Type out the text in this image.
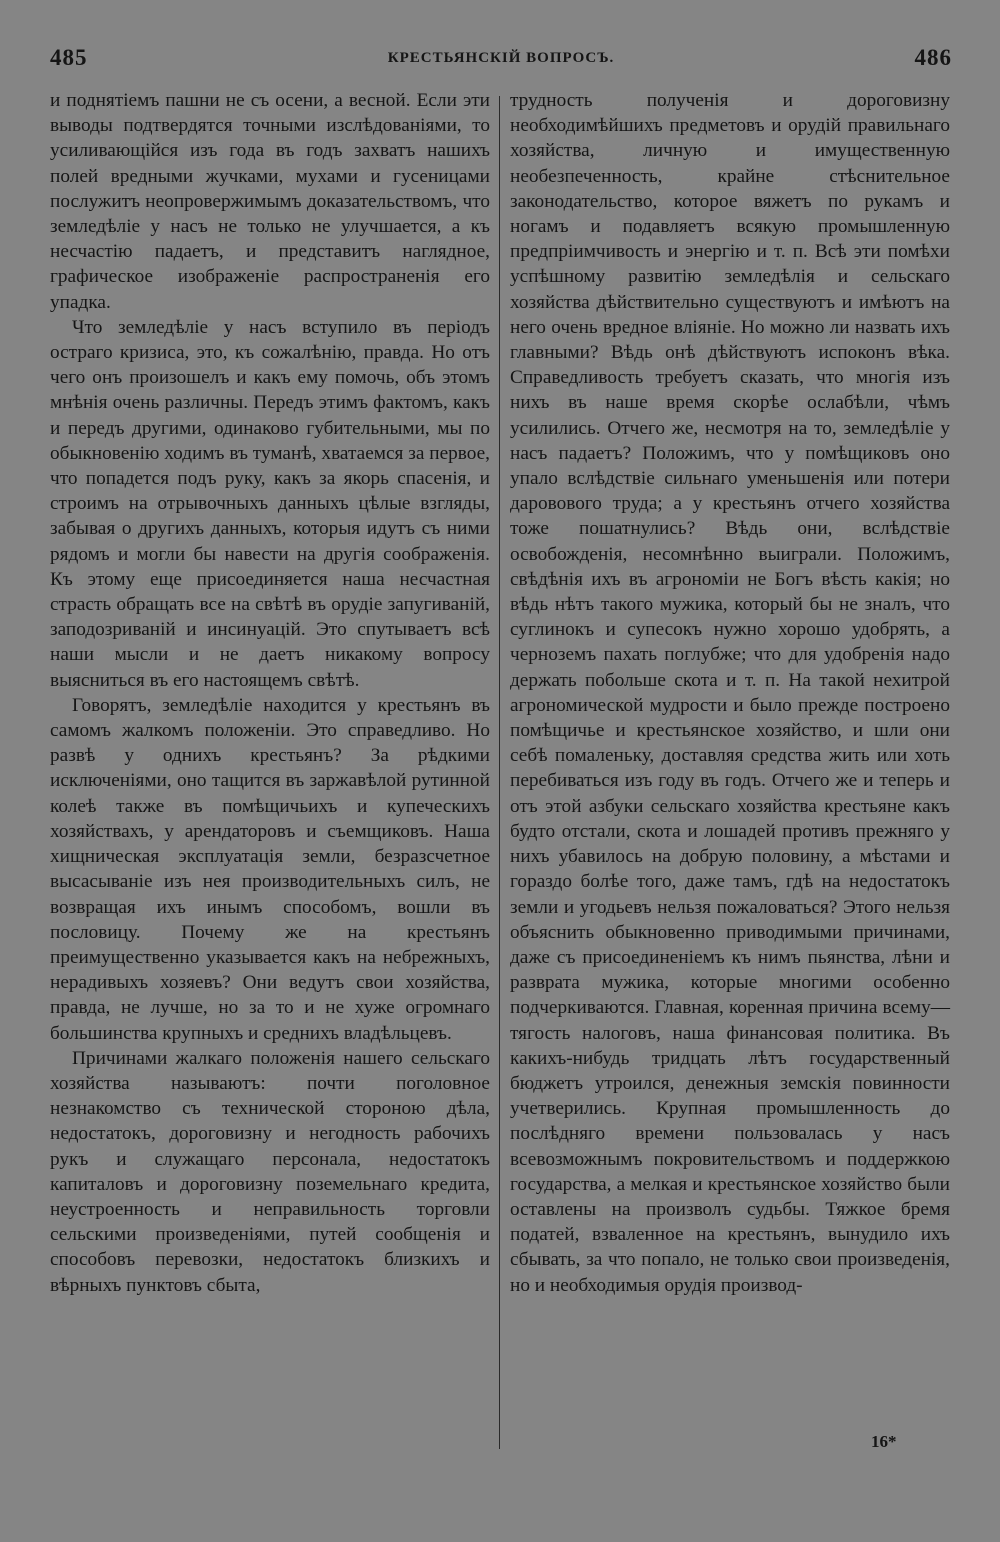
485	КРЕСТЬЯНСКІЙ ВОПРОСЪ.	486

и поднятіемъ пашни не съ осени, а весной. Если эти выводы подтвердятся точными изслѣдованіями, то усиливающійся изъ года въ годъ захватъ нашихъ полей вредными жучками, мухами и гусеницами послужитъ неопровержимымъ доказательствомъ, что земледѣліе у насъ не только не улучшается, а къ несчастію падаетъ, и представитъ наглядное, графическое изображеніе распространенія его упадка.

Что земледѣліе у насъ вступило въ періодъ остраго кризиса, это, къ сожалѣнію, правда. Но отъ чего онъ произошелъ и какъ ему помочь, объ этомъ мнѣнія очень различны. Передъ этимъ фактомъ, какъ и передъ другими, одинаково губительными, мы по обыкновенію ходимъ въ туманѣ, хватаемся за первое, что попадется подъ руку, какъ за якорь спасенія, и строимъ на отрывочныхъ данныхъ цѣлые взгляды, забывая о другихъ данныхъ, которыя идутъ съ ними рядомъ и могли бы навести на другія соображенія. Къ этому еще присоединяется наша несчастная страсть обращать все на свѣтѣ въ орудіе запугиваній, заподозриваній и инсинуацій. Это спутываетъ всѣ наши мысли и не даетъ никакому вопросу выясниться въ его настоящемъ свѣтѣ.

Говорятъ, земледѣліе находится у крестьянъ въ самомъ жалкомъ положеніи. Это справедливо. Но развѣ у однихъ крестьянъ? За рѣдкими исключеніями, оно тащится въ заржавѣлой рутинной колеѣ также въ помѣщичьихъ и купеческихъ хозяйствахъ, у арендаторовъ и съемщиковъ. Наша хищническая эксплуатація земли, безразсчетное высасываніе изъ нея производительныхъ силъ, не возвращая ихъ инымъ способомъ, вошли въ пословицу. Почему же на крестьянъ преимущественно указывается какъ на небрежныхъ, нерадивыхъ хозяевъ? Они ведутъ свои хозяйства, правда, не лучше, но за то и не хуже огромнаго большинства крупныхъ и среднихъ владѣльцевъ.

Причинами жалкаго положенія нашего сельскаго хозяйства называютъ: почти поголовное незнакомство съ технической стороною дѣла, недостатокъ, дороговизну и негодность рабочихъ рукъ и служащаго персонала, недостатокъ капиталовъ и дороговизну поземельнаго кредита, неустроенность и неправильность торговли сельскими произведеніями, путей сообщенія и способовъ перевозки, недостатокъ близкихъ и вѣрныхъ пунктовъ сбыта,

трудность полученія и дороговизну необходимѣйшихъ предметовъ и орудій правильнаго хозяйства, личную и имущественную необезпеченность, крайне стѣснительное законодательство, которое вяжетъ по рукамъ и ногамъ и подавляетъ всякую промышленную предпріимчивость и энергію и т. п. Всѣ эти помѣхи успѣшному развитію земледѣлія и сельскаго хозяйства дѣйствительно существуютъ и имѣютъ на него очень вредное вліяніе. Но можно ли назвать ихъ главными? Вѣдь онѣ дѣйствуютъ испоконъ вѣка. Справедливость требуетъ сказать, что многія изъ нихъ въ наше время скорѣе ослабѣли, чѣмъ усилились. Отчего же, несмотря на то, земледѣліе у насъ падаетъ? Положимъ, что у помѣщиковъ оно упало вслѣдствіе сильнаго уменьшенія или потери даровового труда; а у крестьянъ отчего хозяйства тоже пошатнулись? Вѣдь они, вслѣдствіе освобожденія, несомнѣнно выиграли. Положимъ, свѣдѣнія ихъ въ агрономіи не Богъ вѣсть какія; но вѣдь нѣтъ такого мужика, который бы не зналъ, что суглинокъ и супесокъ нужно хорошо удобрять, а черноземъ пахать поглубже; что для удобренія надо держать побольше скота и т. п. На такой нехитрой агрономической мудрости и было прежде построено помѣщичье и крестьянское хозяйство, и шли они себѣ помаленьку, доставляя средства жить или хоть перебиваться изъ году въ годъ. Отчего же и теперь и отъ этой азбуки сельскаго хозяйства крестьяне какъ будто отстали, скота и лошадей противъ прежняго у нихъ убавилось на добрую половину, а мѣстами и гораздо болѣе того, даже тамъ, гдѣ на недостатокъ земли и угодьевъ нельзя пожаловаться? Этого нельзя объяснить обыкновенно приводимыми причинами, даже съ присоединеніемъ къ нимъ пьянства, лѣни и разврата мужика, которые многими особенно подчеркиваются. Главная, коренная причина всему— тягость налоговъ, наша финансовая политика. Въ какихъ-нибудь тридцать лѣтъ государственный бюджетъ утроился, денежныя земскія повинности учетверились. Крупная промышленность до послѣдняго времени пользовалась у насъ всевозможнымъ покровительствомъ и поддержкою государства, а мелкая и крестьянское хозяйство были оставлены на произволъ судьбы. Тяжкое бремя податей, взваленное на крестьянъ, вынудило ихъ сбывать, за что попало, не только свои произведенія, но и необходимыя орудія производ-

16*
